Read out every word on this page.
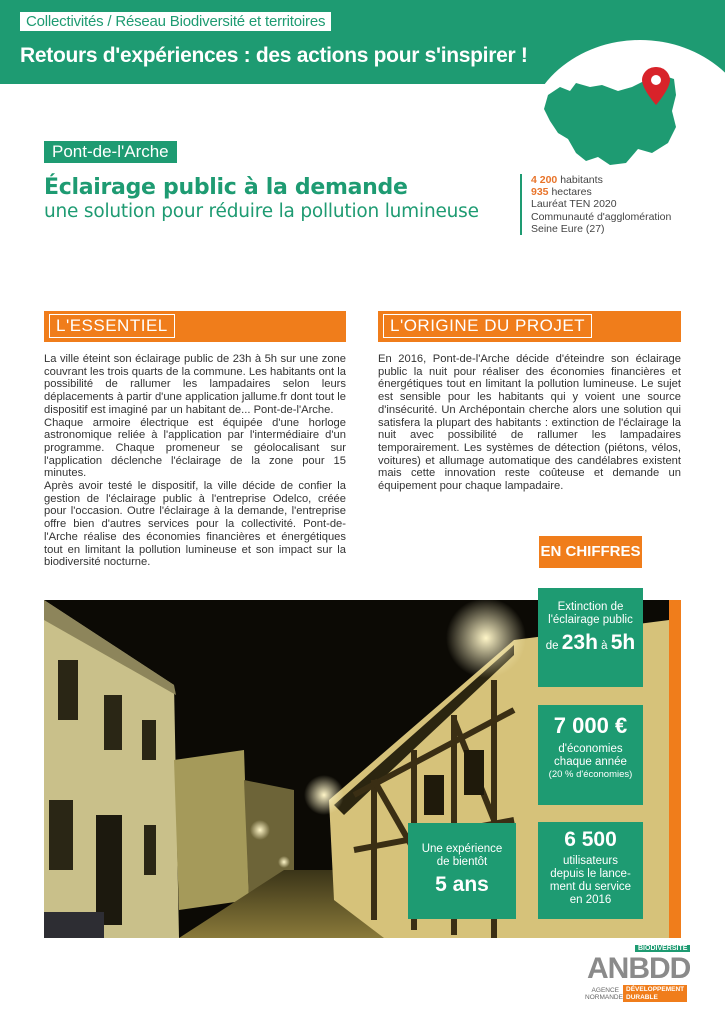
Collectivités / Réseau Biodiversité et territoires
Retours d'expériences : des actions pour s'inspirer !
Pont-de-l'Arche
Éclairage public à la demande
une solution pour réduire la pollution lumineuse
4 200 habitants
935 hectares
Lauréat TEN 2020
Communauté d'agglomération
Seine Eure (27)
L'ESSENTIEL

La ville éteint son éclairage public de 23h à 5h sur une zone couvrant les trois quarts de la commune. Les habitants ont la possibilité de rallumer les lampadaires selon leurs déplacements à partir d'une application jallume.fr dont tout le dispositif est imaginé par un habitant de... Pont-de-l'Arche.

Chaque armoire électrique est équipée d'une horloge astronomique reliée à l'application par l'intermédiaire d'un programme. Chaque promeneur se géolocalisant sur l'application déclenche l'éclairage de la zone pour 15 minutes.

Après avoir testé le dispositif, la ville décide de confier la gestion de l'éclairage public à l'entreprise Odelco, créée pour l'occasion. Outre l'éclairage à la demande, l'entreprise offre bien d'autres services pour la collectivité. Pont-de-l'Arche réalise des économies financières et énergétiques tout en limitant la pollution lumineuse et son impact sur la biodiversité nocturne.

L'ORIGINE DU PROJET

En 2016, Pont-de-l'Arche décide d'éteindre son éclairage public la nuit pour réaliser des économies financières et énergétiques tout en limitant la pollution lumineuse. Le sujet est sensible pour les habitants qui y voient une source d'insécurité. Un Archépontain cherche alors une solution qui satisfera la plupart des habitants : extinction de l'éclairage la nuit avec possibilité de rallumer les lampadaires temporairement. Les systèmes de détection (piétons, vélos, voitures) et allumage automatique des candélabres existent mais cette innovation reste coûteuse et demande un équipement pour chaque lampadaire.

EN CHIFFRES
Extinction de
l'éclairage public
de 23h à 5h
7 000 €
d'économies
chaque année
(20 % d'économies)
Une expérience
de bientôt
5 ans
6 500
utilisateurs
depuis le lance-
ment du service
en 2016
BIODIVERSITÉ
ANBDD
AGENCE
NORMANDE
DÉVELOPPEMENT
DURABLE
